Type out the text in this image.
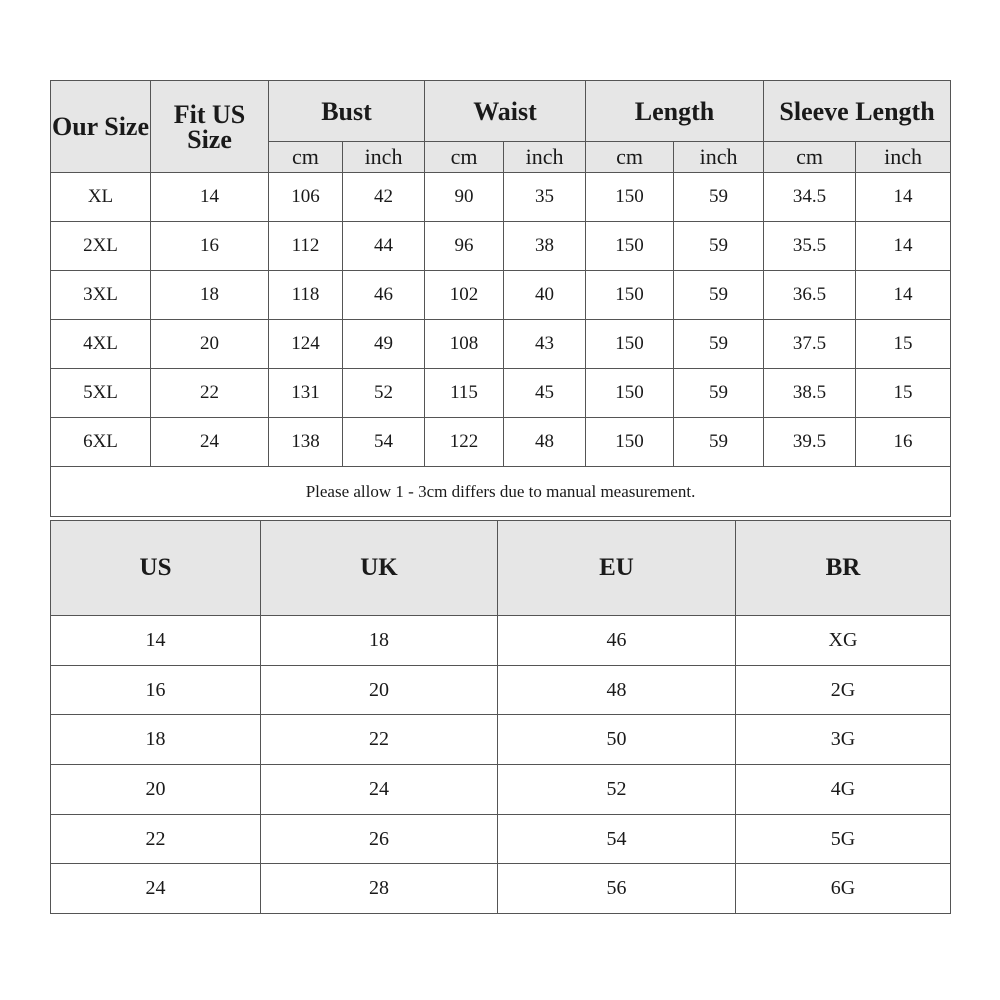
Our Size	Fit US Size	Bust		Waist		Length		Sleeve Length	
		cm	inch	cm	inch	cm	inch	cm	inch
XL	14	106	42	90	35	150	59	34.5	14
2XL	16	112	44	96	38	150	59	35.5	14
3XL	18	118	46	102	40	150	59	36.5	14
4XL	20	124	49	108	43	150	59	37.5	15
5XL	22	131	52	115	45	150	59	38.5	15
6XL	24	138	54	122	48	150	59	39.5	16
Please allow 1 - 3cm differs due to manual measurement.									
US	UK	EU	BR
14	18	46	XG
16	20	48	2G
18	22	50	3G
20	24	52	4G
22	26	54	5G
24	28	56	6G
